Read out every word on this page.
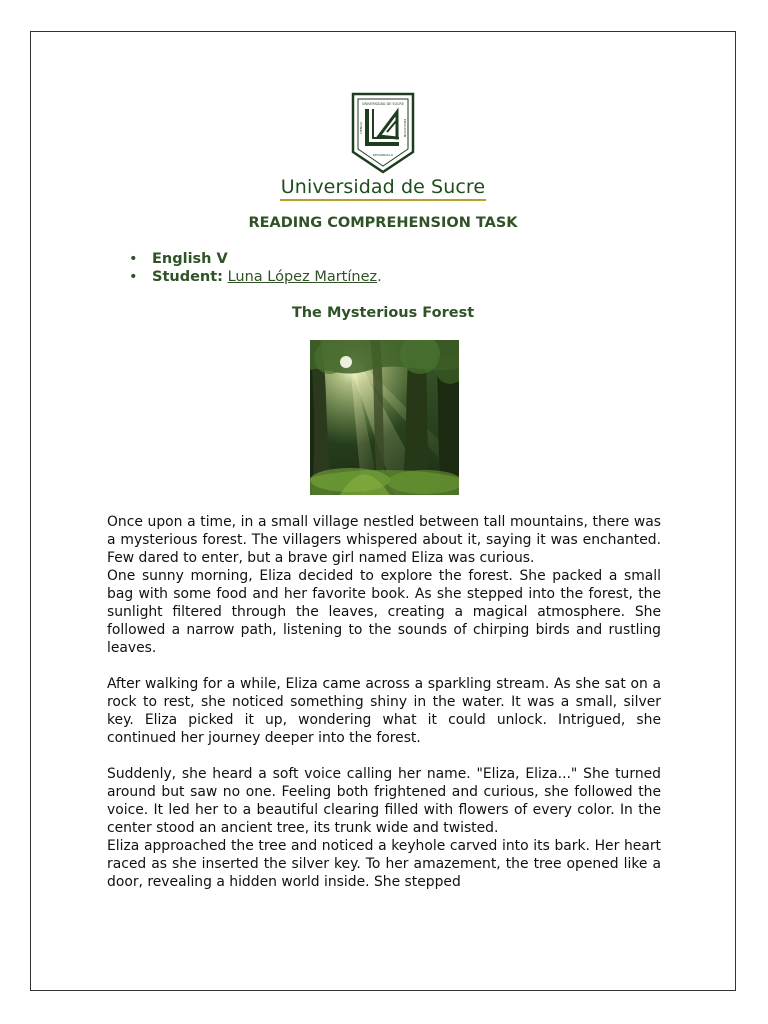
UNIVERSIDAD DE SUCRE
CIENCIA	EDUCACION
DESARROLLO
Universidad de Sucre
READING COMPREHENSION TASK
• English V
• Student: Luna López Martínez.
The Mysterious Forest

Once upon a time, in a small village nestled between tall mountains, there was a mysterious forest. The villagers whispered about it, saying it was enchanted. Few dared to enter, but a brave girl named Eliza was curious.

One sunny morning, Eliza decided to explore the forest. She packed a small bag with some food and her favorite book. As she stepped into the forest, the sunlight filtered through the leaves, creating a magical atmosphere. She followed a narrow path, listening to the sounds of chirping birds and rustling leaves.

After walking for a while, Eliza came across a sparkling stream. As she sat on a rock to rest, she noticed something shiny in the water. It was a small, silver key. Eliza picked it up, wondering what it could unlock. Intrigued, she continued her journey deeper into the forest.

Suddenly, she heard a soft voice calling her name. "Eliza, Eliza..." She turned around but saw no one. Feeling both frightened and curious, she followed the voice. It led her to a beautiful clearing filled with flowers of every color. In the center stood an ancient tree, its trunk wide and twisted.

Eliza approached the tree and noticed a keyhole carved into its bark. Her heart raced as she inserted the silver key. To her amazement, the tree opened like a door, revealing a hidden world inside. She stepped
